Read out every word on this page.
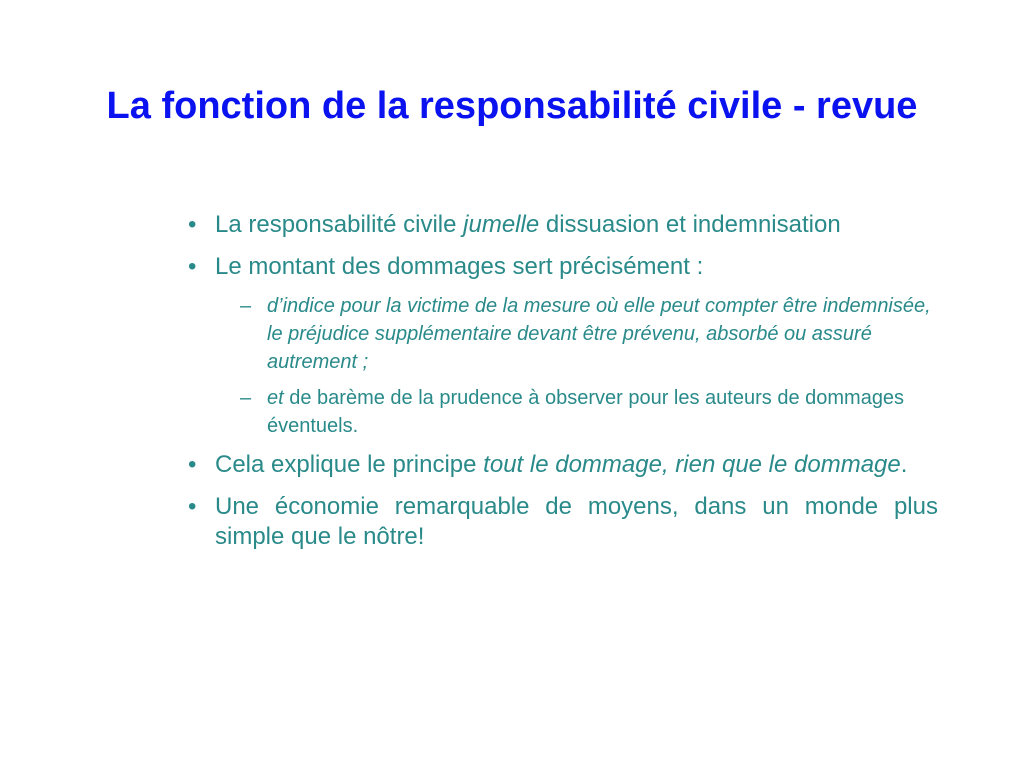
La fonction de la responsabilité civile - revue
• La responsabilité civile jumelle dissuasion et indemnisation
• Le montant des dommages sert précisément :
– d’indice pour la victime de la mesure où elle peut compter être indemnisée, le préjudice supplémentaire devant être prévenu, absorbé ou assuré autrement ;
– et de barème de la prudence à observer pour les auteurs de dommages éventuels.
• Cela explique le principe tout le dommage, rien que le dommage.
• Une économie remarquable de moyens, dans un monde plus simple que le nôtre!
